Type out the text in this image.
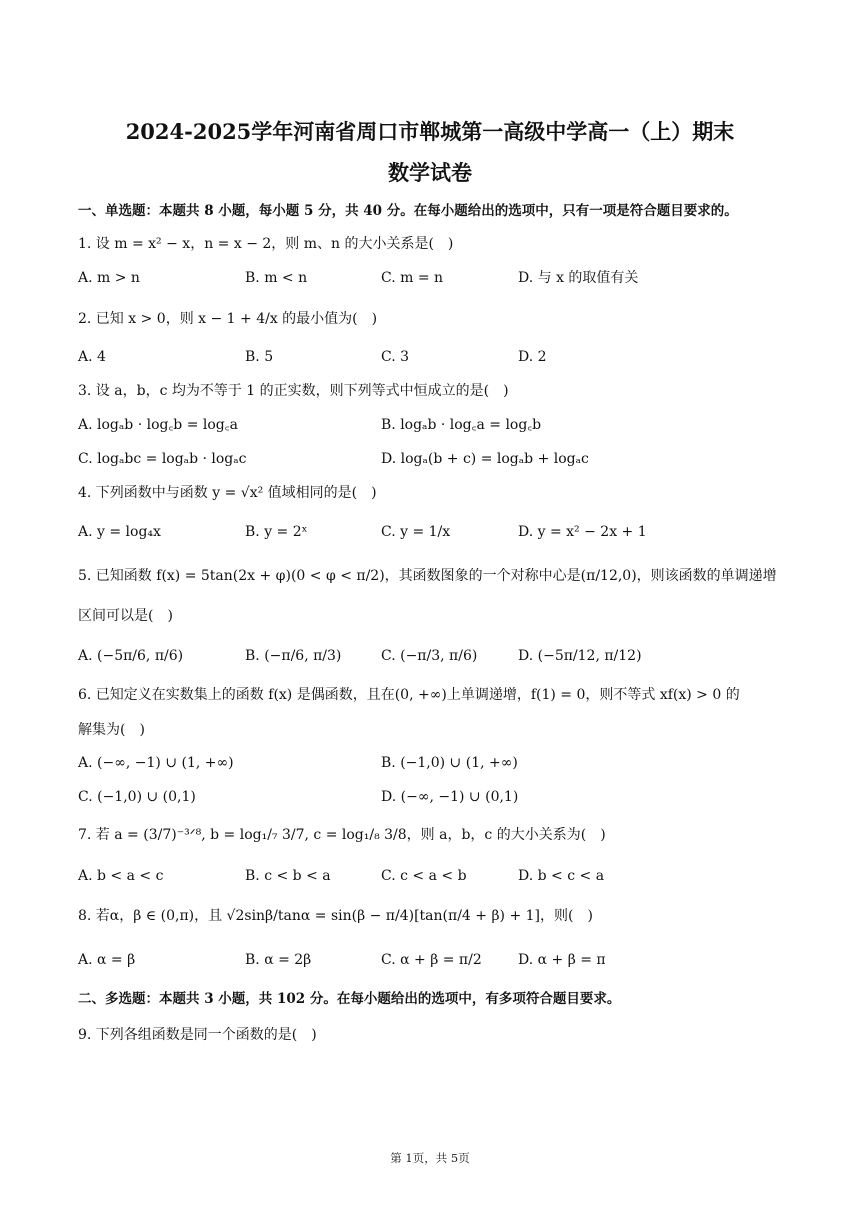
2024-2025学年河南省周口市郸城第一高级中学高一（上）期末
数学试卷
一、单选题：本题共 8 小题，每小题 5 分，共 40 分。在每小题给出的选项中，只有一项是符合题目要求的。
1. 设 m = x² − x，n = x − 2，则 m、n 的大小关系是(　)
A. m > n	B. m < n	C. m = n	D. 与 x 的取值有关
2. 已知 x > 0，则 x − 1 + 4/x 的最小值为(　)
A. 4	B. 5	C. 3	D. 2
3. 设 a，b，c 均为不等于 1 的正实数，则下列等式中恒成立的是(　)
A. logₐb · log꜀b = log꜀a	B. logₐb · log꜀a = log꜀b
C. logₐbc = logₐb · logₐc	D. logₐ(b + c) = logₐb + logₐc
4. 下列函数中与函数 y = √x² 值域相同的是(　)
A. y = log₄x	B. y = 2ˣ	C. y = 1/x	D. y = x² − 2x + 1
5. 已知函数 f(x) = 5tan(2x + φ)(0 < φ < π/2)，其函数图象的一个对称中心是(π/12,0)，则该函数的单调递增
区间可以是(　)
A. (−5π/6, π/6)	B. (−π/6, π/3)	C. (−π/3, π/6)	D. (−5π/12, π/12)
6. 已知定义在实数集上的函数 f(x) 是偶函数，且在(0, +∞)上单调递增，f(1) = 0，则不等式 xf(x) > 0 的
解集为(　)
A. (−∞, −1) ∪ (1, +∞)	B. (−1,0) ∪ (1, +∞)
C. (−1,0) ∪ (0,1)	D. (−∞, −1) ∪ (0,1)
7. 若 a = (3/7)⁻³ᐟ⁸, b = log₁/₇ 3/7, c = log₁/₈ 3/8，则 a，b，c 的大小关系为(　)
A. b < a < c	B. c < b < a	C. c < a < b	D. b < c < a
8. 若α，β ∈ (0,π)，且 √2sinβ/tanα = sin(β − π/4)[tan(π/4 + β) + 1]，则(　)
A. α = β	B. α = 2β	C. α + β = π/2	D. α + β = π
二、多选题：本题共 3 小题，共 102 分。在每小题给出的选项中，有多项符合题目要求。
9. 下列各组函数是同一个函数的是(　)
第 1页，共 5页
